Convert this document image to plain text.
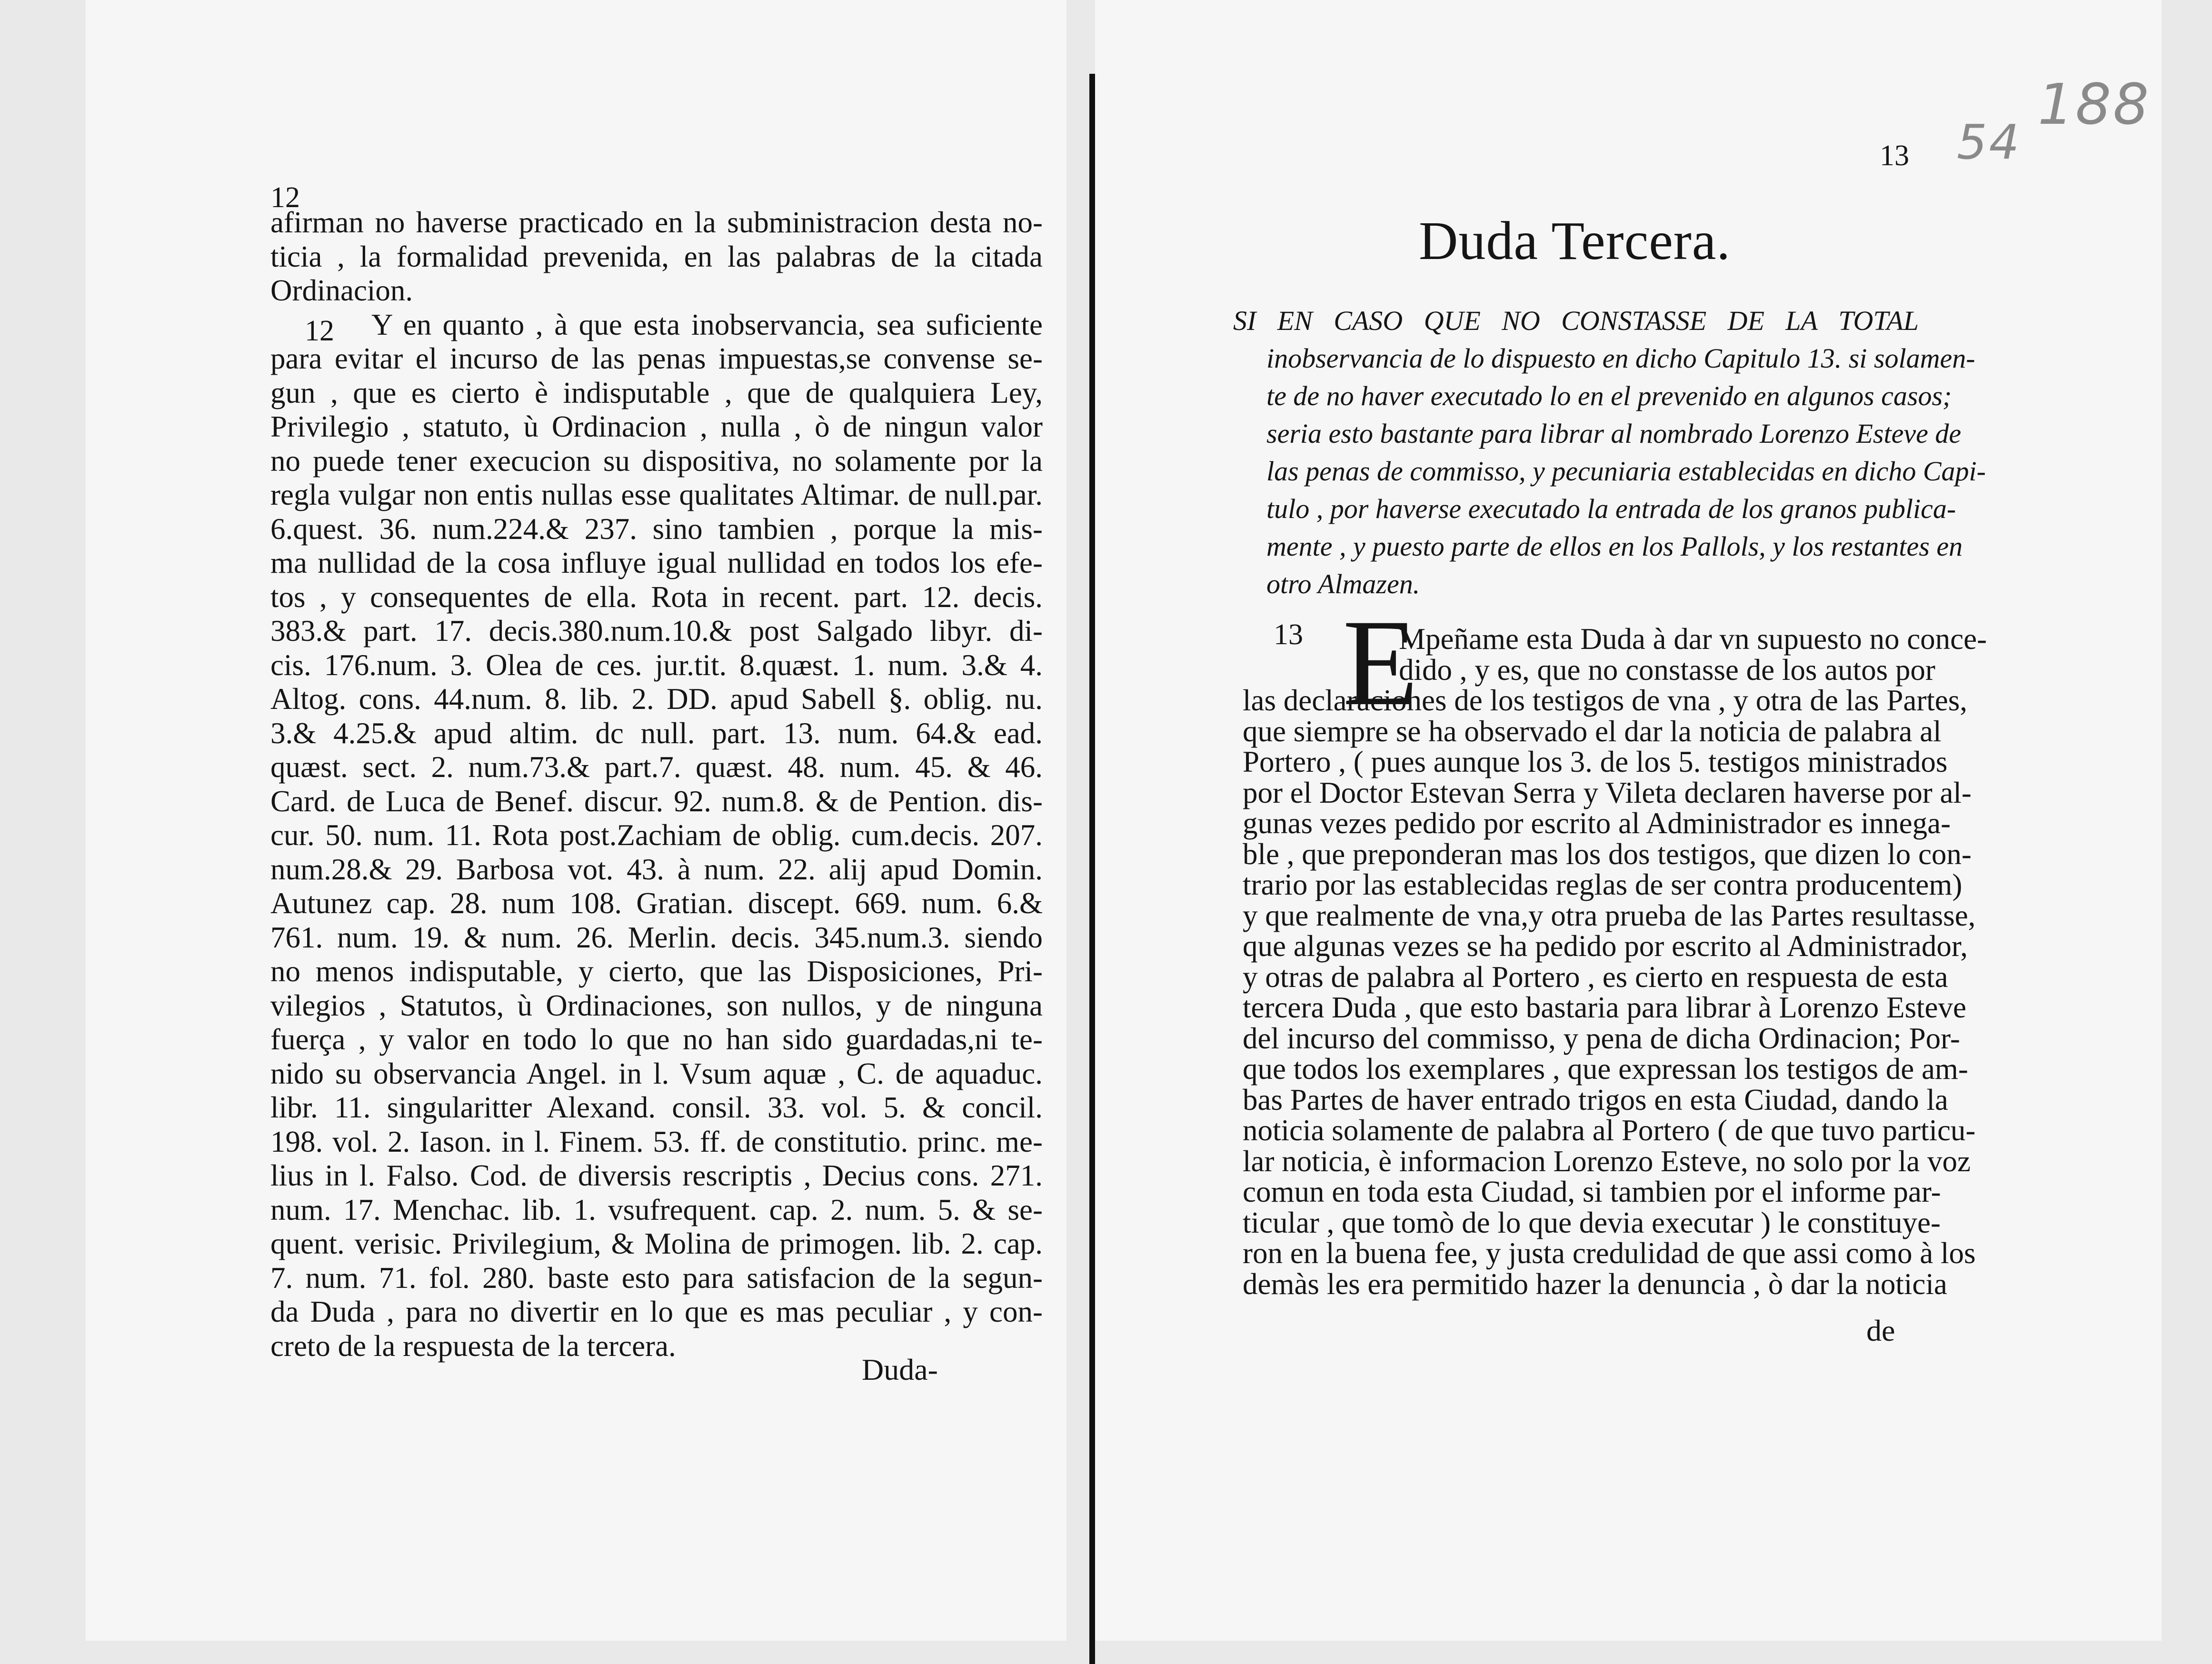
12
12
afirman no haverse practicado en la subministracion desta no-
ticia , la formalidad prevenida, en las palabras de la citada
Ordinacion.
Y en quanto , à que esta inobservancia, sea suficiente
para evitar el incurso de las penas impuestas,se convense se-
gun , que es cierto è indisputable , que de qualquiera Ley,
Privilegio , statuto, ù Ordinacion , nulla , ò de ningun valor
no puede tener execucion su dispositiva, no solamente por la
regla vulgar non entis nullas esse qualitates Altimar. de null.par.
6.quest. 36. num.224.& 237. sino tambien , porque la mis-
ma nullidad de la cosa influye igual nullidad en todos los efe-
tos , y consequentes de ella. Rota in recent. part. 12. decis.
383.& part. 17. decis.380.num.10.& post Salgado libyr. di-
cis. 176.num. 3. Olea de ces. jur.tit. 8.quæst. 1. num. 3.& 4.
Altog. cons. 44.num. 8. lib. 2. DD. apud Sabell §. oblig. nu.
3.& 4.25.& apud altim. dc null. part. 13. num. 64.& ead.
quæst. sect. 2. num.73.& part.7. quæst. 48. num. 45. & 46.
Card. de Luca de Benef. discur. 92. num.8. & de Pention. dis-
cur. 50. num. 11. Rota post.Zachiam de oblig. cum.decis. 207.
num.28.& 29. Barbosa vot. 43. à num. 22. alij apud Domin.
Autunez cap. 28. num 108. Gratian. discept. 669. num. 6.&
761. num. 19. & num. 26. Merlin. decis. 345.num.3. siendo
no menos indisputable, y cierto, que las Disposiciones, Pri-
vilegios , Statutos, ù Ordinaciones, son nullos, y de ninguna
fuerça , y valor en todo lo que no han sido guardadas,ni te-
nido su observancia Angel. in l. Vsum aquæ , C. de aquaduc.
libr. 11. singularitter Alexand. consil. 33. vol. 5. & concil.
198. vol. 2. Iason. in l. Finem. 53. ff. de constitutio. princ. me-
lius in l. Falso. Cod. de diversis rescriptis , Decius cons. 271.
num. 17. Menchac. lib. 1. vsufrequent. cap. 2. num. 5. & se-
quent. verisic. Privilegium, & Molina de primogen. lib. 2. cap.
7. num. 71. fol. 280. baste esto para satisfacion de la segun-
da Duda , para no divertir en lo que es mas peculiar , y con-
creto de la respuesta de la tercera.
Duda-
188
54
13
Duda Tercera.
SI EN CASO QUE NO CONSTASSE DE LA TOTAL
inobservancia de lo dispuesto en dicho Capitulo 13. si solamen-
te de no haver executado lo en el prevenido en algunos casos;
seria esto bastante para librar al nombrado Lorenzo Esteve de
las penas de commisso, y pecuniaria establecidas en dicho Capi-
tulo , por haverse executado la entrada de los granos publica-
mente , y puesto parte de ellos en los Pallols, y los restantes en
otro Almazen.
13 E
Mpeñame esta Duda à dar vn supuesto no conce-
dido , y es, que no constasse de los autos por
las declaraciones de los testigos de vna , y otra de las Partes,
que siempre se ha observado el dar la noticia de palabra al
Portero , ( pues aunque los 3. de los 5. testigos ministrados
por el Doctor Estevan Serra y Vileta declaren haverse por al-
gunas vezes pedido por escrito al Administrador es innega-
ble , que preponderan mas los dos testigos, que dizen lo con-
trario por las establecidas reglas de ser contra producentem)
y que realmente de vna,y otra prueba de las Partes resultasse,
que algunas vezes se ha pedido por escrito al Administrador,
y otras de palabra al Portero , es cierto en respuesta de esta
tercera Duda , que esto bastaria para librar à Lorenzo Esteve
del incurso del commisso, y pena de dicha Ordinacion; Por-
que todos los exemplares , que expressan los testigos de am-
bas Partes de haver entrado trigos en esta Ciudad, dando la
noticia solamente de palabra al Portero ( de que tuvo particu-
lar noticia, è informacion Lorenzo Esteve, no solo por la voz
comun en toda esta Ciudad, si tambien por el informe par-
ticular , que tomò de lo que devia executar ) le constituye-
ron en la buena fee, y justa credulidad de que assi como à los
demàs les era permitido hazer la denuncia , ò dar la noticia
de
